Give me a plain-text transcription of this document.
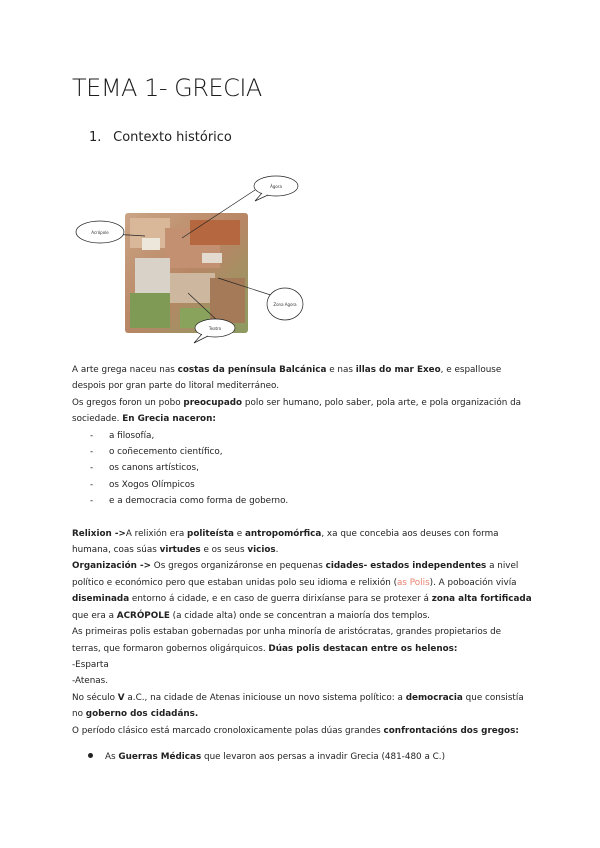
TEMA 1- GRECIA
1. Contexto histórico
Ágora
Acrópole
Zona Agora
Teatro

A arte grega naceu nas costas da península Balcánica e nas illas do mar Exeo, e espallouse despois por gran parte do litoral mediterráneo.

Os gregos foron un pobo preocupado polo ser humano, polo saber, pola arte, e pola organización da sociedade. En Grecia naceron:

- a filosofía,
- o coñecemento científico,
- os canons artísticos,
- os Xogos Olímpicos
- e a democracia como forma de goberno.

Relixion ->A relixión era politeísta e antropomórfica, xa que concebia aos deuses con forma humana, coas súas virtudes e os seus vicios.

Organización -> Os gregos organizáronse en pequenas cidades- estados independentes a nivel político e económico pero que estaban unidas polo seu idioma e relixión (as Polis). A poboación vivía diseminada entorno á cidade, e en caso de guerra dirixíanse para se protexer á zona alta fortificada que era a ACRÓPOLE (a cidade alta) onde se concentran a maioría dos templos.

As primeiras polis estaban gobernadas por unha minoría de aristócratas, grandes propietarios de terras, que formaron gobernos oligárquicos. Dúas polis destacan entre os helenos:

-Esparta

-Atenas.

No século V a.C., na cidade de Atenas iniciouse un novo sistema político: a democracia que consistía no goberno dos cidadáns.

O período clásico está marcado cronoloxicamente polas dúas grandes confrontacións dos gregos:

As Guerras Médicas que levaron aos persas a invadir Grecia (481-480 a C.)
